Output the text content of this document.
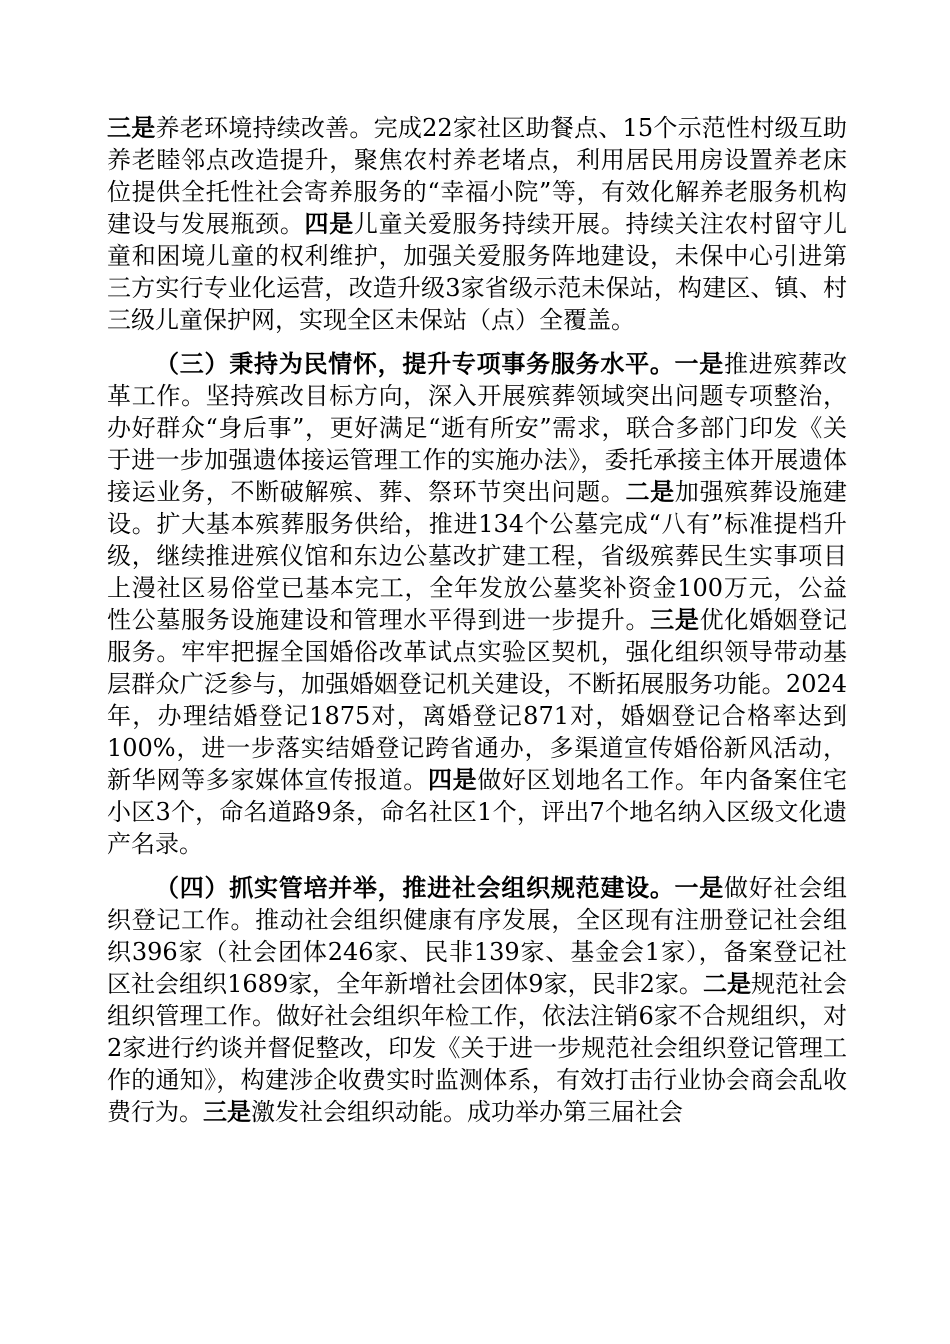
三是养老环境持续改善。完成22家社区助餐点、15个示范性村级互助养老睦邻点改造提升，聚焦农村养老堵点，利用居民用房设置养老床位提供全托性社会寄养服务的“幸福小院”等，有效化解养老服务机构建设与发展瓶颈。四是儿童关爱服务持续开展。持续关注农村留守儿童和困境儿童的权利维护，加强关爱服务阵地建设，未保中心引进第三方实行专业化运营，改造升级3家省级示范未保站，构建区、镇、村三级儿童保护网，实现全区未保站（点）全覆盖。

（三）秉持为民情怀，提升专项事务服务水平。一是推进殡葬改革工作。坚持殡改目标方向，深入开展殡葬领域突出问题专项整治，办好群众“身后事”，更好满足“逝有所安”需求，联合多部门印发《关于进一步加强遗体接运管理工作的实施办法》，委托承接主体开展遗体接运业务，不断破解殡、葬、祭环节突出问题。二是加强殡葬设施建设。扩大基本殡葬服务供给，推进134个公墓完成“八有”标准提档升级，继续推进殡仪馆和东边公墓改扩建工程，省级殡葬民生实事项目上漫社区易俗堂已基本完工，全年发放公墓奖补资金100万元，公益性公墓服务设施建设和管理水平得到进一步提升。三是优化婚姻登记服务。牢牢把握全国婚俗改革试点实验区契机，强化组织领导带动基层群众广泛参与，加强婚姻登记机关建设，不断拓展服务功能。2024年，办理结婚登记1875对，离婚登记871对，婚姻登记合格率达到100%，进一步落实结婚登记跨省通办，多渠道宣传婚俗新风活动，新华网等多家媒体宣传报道。四是做好区划地名工作。年内备案住宅小区3个，命名道路9条，命名社区1个，评出7个地名纳入区级文化遗产名录。

（四）抓实管培并举，推进社会组织规范建设。一是做好社会组织登记工作。推动社会组织健康有序发展，全区现有注册登记社会组织396家（社会团体246家、民非139家、基金会1家），备案登记社区社会组织1689家，全年新增社会团体9家，民非2家。二是规范社会组织管理工作。做好社会组织年检工作，依法注销6家不合规组织，对2家进行约谈并督促整改，印发《关于进一步规范社会组织登记管理工作的通知》，构建涉企收费实时监测体系，有效打击行业协会商会乱收费行为。三是激发社会组织动能。成功举办第三届社会
